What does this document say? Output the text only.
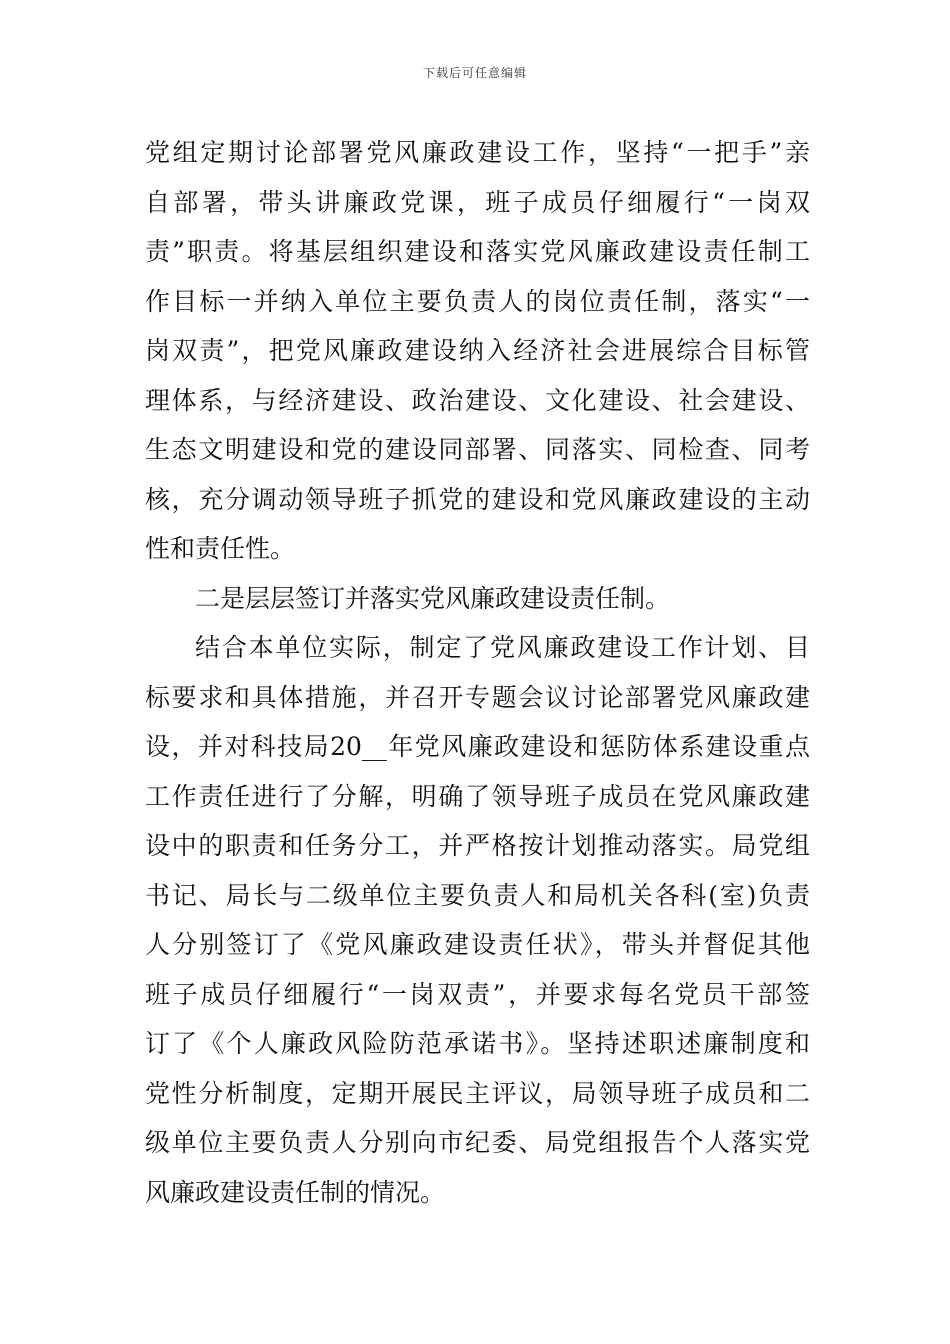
下载后可任意编辑
党组定期讨论部署党风廉政建设工作，坚持“一把手”亲
自部署，带头讲廉政党课，班子成员仔细履行“一岗双
责”职责。将基层组织建设和落实党风廉政建设责任制工
作目标一并纳入单位主要负责人的岗位责任制，落实“一
岗双责”，把党风廉政建设纳入经济社会进展综合目标管
理体系，与经济建设、政治建设、文化建设、社会建设、
生态文明建设和党的建设同部署、同落实、同检查、同考
核，充分调动领导班子抓党的建设和党风廉政建设的主动
性和责任性。
二是层层签订并落实党风廉政建设责任制。
结合本单位实际，制定了党风廉政建设工作计划、目
标要求和具体措施，并召开专题会议讨论部署党风廉政建
设，并对科技局20__年党风廉政建设和惩防体系建设重点
工作责任进行了分解，明确了领导班子成员在党风廉政建
设中的职责和任务分工，并严格按计划推动落实。局党组
书记、局长与二级单位主要负责人和局机关各科(室)负责
人分别签订了《党风廉政建设责任状》，带头并督促其他
班子成员仔细履行“一岗双责”，并要求每名党员干部签
订了《个人廉政风险防范承诺书》。坚持述职述廉制度和
党性分析制度，定期开展民主评议，局领导班子成员和二
级单位主要负责人分别向市纪委、局党组报告个人落实党
风廉政建设责任制的情况。
